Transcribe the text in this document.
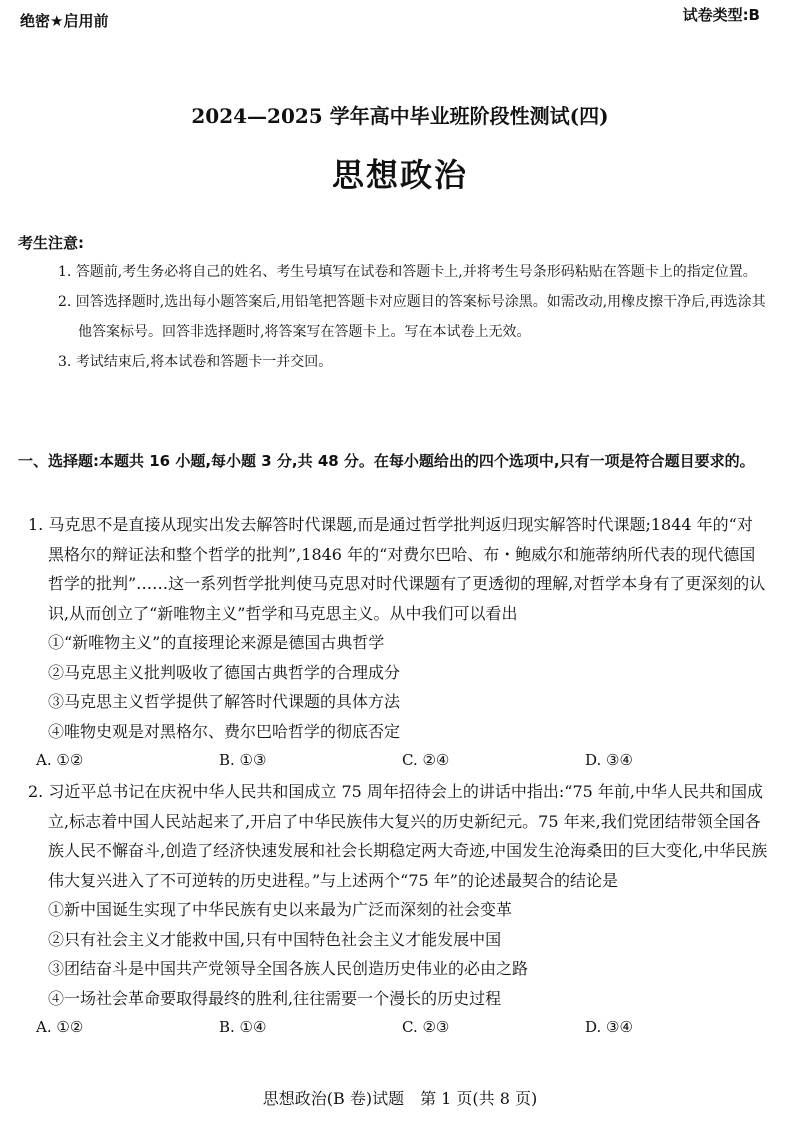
绝密★启用前	试卷类型:B
2024—2025 学年高中毕业班阶段性测试(四)
思想政治
考生注意:
1. 答题前,考生务必将自己的姓名、考生号填写在试卷和答题卡上,并将考生号条形码粘贴在答题卡上的指定位置。
2. 回答选择题时,选出每小题答案后,用铅笔把答题卡对应题目的答案标号涂黑。如需改动,用橡皮擦干净后,再选涂其他答案标号。回答非选择题时,将答案写在答题卡上。写在本试卷上无效。
3. 考试结束后,将本试卷和答题卡一并交回。
一、选择题:本题共 16 小题,每小题 3 分,共 48 分。在每小题给出的四个选项中,只有一项是符合题目要求的。
1. 马克思不是直接从现实出发去解答时代课题,而是通过哲学批判返归现实解答时代课题;1844 年的“对黑格尔的辩证法和整个哲学的批判”,1846 年的“对费尔巴哈、布・鲍威尔和施蒂纳所代表的现代德国哲学的批判”……这一系列哲学批判使马克思对时代课题有了更透彻的理解,对哲学本身有了更深刻的认识,从而创立了“新唯物主义”哲学和马克思主义。从中我们可以看出
①“新唯物主义”的直接理论来源是德国古典哲学
②马克思主义批判吸收了德国古典哲学的合理成分
③马克思主义哲学提供了解答时代课题的具体方法
④唯物史观是对黑格尔、费尔巴哈哲学的彻底否定
A. ①②	B. ①③	C. ②④	D. ③④
2. 习近平总书记在庆祝中华人民共和国成立 75 周年招待会上的讲话中指出:“75 年前,中华人民共和国成立,标志着中国人民站起来了,开启了中华民族伟大复兴的历史新纪元。75 年来,我们党团结带领全国各族人民不懈奋斗,创造了经济快速发展和社会长期稳定两大奇迹,中国发生沧海桑田的巨大变化,中华民族伟大复兴进入了不可逆转的历史进程。”与上述两个“75 年”的论述最契合的结论是
①新中国诞生实现了中华民族有史以来最为广泛而深刻的社会变革
②只有社会主义才能救中国,只有中国特色社会主义才能发展中国
③团结奋斗是中国共产党领导全国各族人民创造历史伟业的必由之路
④一场社会革命要取得最终的胜利,往往需要一个漫长的历史过程
A. ①②	B. ①④	C. ②③	D. ③④
思想政治(B 卷)试题　第 1 页(共 8 页)
